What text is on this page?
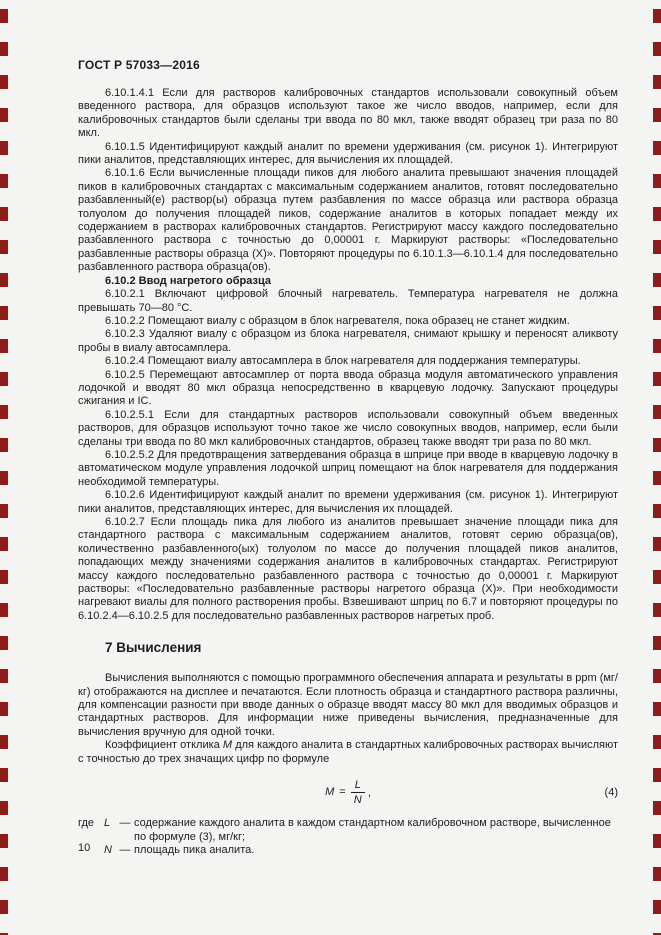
ГОСТ Р 57033—2016

6.10.1.4.1 Если для растворов калибровочных стандартов использовали совокупный объем введенного раствора, для образцов используют такое же число вводов, например, если для калибровочных стандартов были сделаны три ввода по 80 мкл, также вводят образец три раза по 80 мкл.

6.10.1.5 Идентифицируют каждый аналит по времени удерживания (см. рисунок 1). Интегрируют пики аналитов, представляющих интерес, для вычисления их площадей.

6.10.1.6 Если вычисленные площади пиков для любого аналита превышают значения площадей пиков в калибровочных стандартах с максимальным содержанием аналитов, готовят последовательно разбавленный(е) раствор(ы) образца путем разбавления по массе образца или раствора образца толуолом до получения площадей пиков, содержание аналитов в которых попадает между их содержанием в растворах калибровочных стандартов. Регистрируют массу каждого последовательно разбавленного раствора с точностью до 0,00001 г. Маркируют растворы: «Последовательно разбавленные растворы образца (X)». Повторяют процедуры по 6.10.1.3—6.10.1.4 для последовательно разбавленного раствора образца(ов).

6.10.2 Ввод нагретого образца

6.10.2.1 Включают цифровой блочный нагреватель. Температура нагревателя не должна превышать 70—80 °С.

6.10.2.2 Помещают виалу с образцом в блок нагревателя, пока образец не станет жидким.

6.10.2.3 Удаляют виалу с образцом из блока нагревателя, снимают крышку и переносят аликвоту пробы в виалу автосамплера.

6.10.2.4 Помещают виалу автосамплера в блок нагревателя для поддержания температуры.

6.10.2.5 Перемещают автосамплер от порта ввода образца модуля автоматического управления лодочкой и вводят 80 мкл образца непосредственно в кварцевую лодочку. Запускают процедуры сжигания и IC.

6.10.2.5.1 Если для стандартных растворов использовали совокупный объем введенных растворов, для образцов используют точно такое же число совокупных вводов, например, если были сделаны три ввода по 80 мкл калибровочных стандартов, образец также вводят три раза по 80 мкл.

6.10.2.5.2 Для предотвращения затвердевания образца в шприце при вводе в кварцевую лодочку в автоматическом модуле управления лодочкой шприц помещают на блок нагревателя для поддержания необходимой температуры.

6.10.2.6 Идентифицируют каждый аналит по времени удерживания (см. рисунок 1). Интегрируют пики аналитов, представляющих интерес, для вычисления их площадей.

6.10.2.7 Если площадь пика для любого из аналитов превышает значение площади пика для стандартного раствора с максимальным содержанием аналитов, готовят серию образца(ов), количественно разбавленного(ых) толуолом по массе до получения площадей пиков аналитов, попадающих между значениями содержания аналитов в калибровочных стандартах. Регистрируют массу каждого последовательно разбавленного раствора с точностью до 0,00001 г. Маркируют растворы: «Последовательно разбавленные растворы нагретого образца (X)». При необходимости нагревают виалы для полного растворения пробы. Взвешивают шприц по 6.7 и повторяют процедуры по 6.10.2.4—6.10.2.5 для последовательно разбавленных растворов нагретых проб.

7 Вычисления

Вычисления выполняются с помощью программного обеспечения аппарата и результаты в ppm (мг/кг) отображаются на дисплее и печатаются. Если плотность образца и стандартного раствора различны, для компенсации разности при вводе данных о образце вводят массу 80 мкл для вводимых образцов и стандартных растворов. Для информации ниже приведены вычисления, предназначенные для вычисления вручную для одной точки.

Коэффициент отклика M для каждого аналита в стандартных калибровочных растворах вычисляют с точностью до трех значащих цифр по формуле

$M = \frac{L}{N}$ ,	(4)
где L — содержание каждого аналита в каждом стандартном калибровочном растворе, вычисленное по формуле (3), мг/кг;
N — площадь пика аналита.
10
